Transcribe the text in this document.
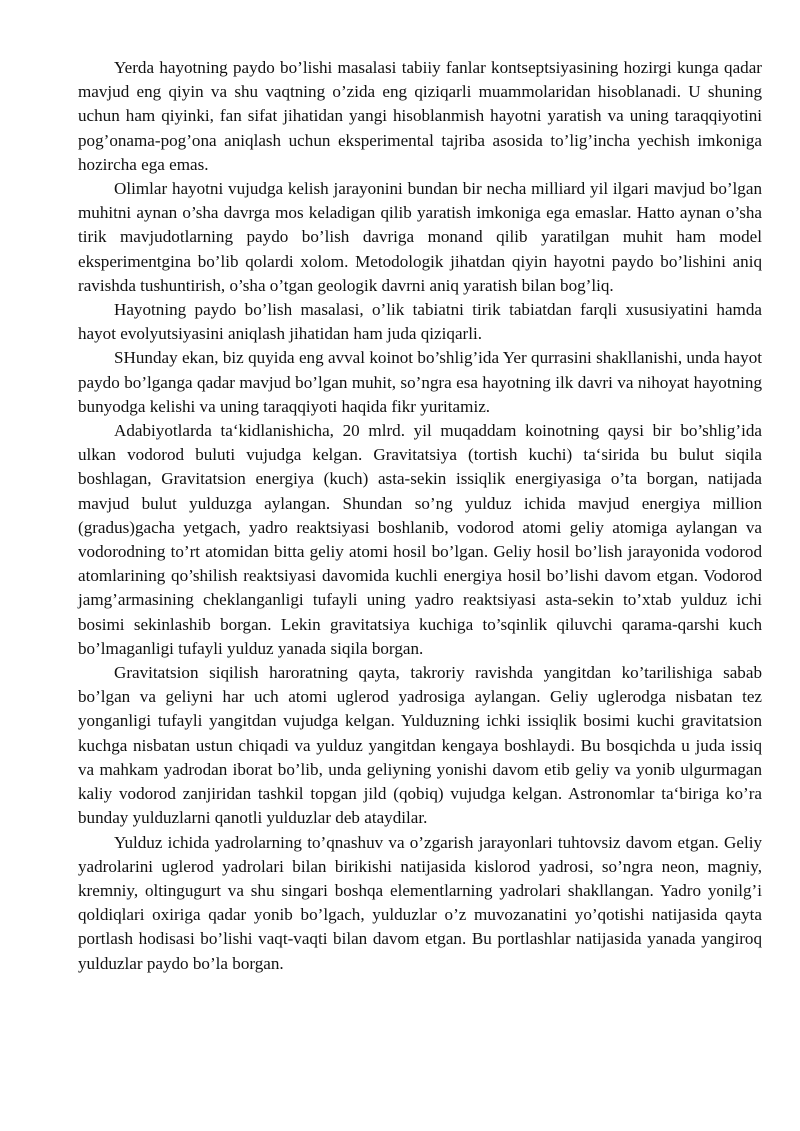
Yerda hayotning paydo bo’lishi masalasi tabiiy fanlar kontseptsiyasining hozirgi kunga qadar mavjud eng qiyin va shu vaqtning o’zida eng qiziqarli muammolaridan hisoblanadi. U shuning uchun ham qiyinki, fan sifat jihatidan yangi hisoblanmish hayotni yaratish va uning taraqqiyotini pog’onama-pog’ona aniqlash uchun eksperimental tajriba asosida to’lig’incha yechish imkoniga hozircha ega emas.

Olimlar hayotni vujudga kelish jarayonini bundan bir necha milliard yil ilgari mavjud bo’lgan muhitni aynan o’sha davrga mos keladigan qilib yaratish imkoniga ega emaslar. Hatto aynan o’sha tirik mavjudotlarning paydo bo’lish davriga monand qilib yaratilgan muhit ham model eksperimentgina bo’lib qolardi xolom. Metodologik jihatdan qiyin hayotni paydo bo’lishini aniq ravishda tushuntirish, o’sha o’tgan geologik davrni aniq yaratish bilan bog’liq.

Hayotning paydo bo’lish masalasi, o’lik tabiatni tirik tabiatdan farqli xususiyatini hamda hayot evolyutsiyasini aniqlash jihatidan ham juda qiziqarli.

SHunday ekan, biz quyida eng avval koinot bo’shlig’ida Yer qurrasini shakllanishi, unda hayot paydo bo’lganga qadar mavjud bo’lgan muhit, so’ngra esa hayotning ilk davri va nihoyat hayotning bunyodga kelishi va uning taraqqiyoti haqida fikr yuritamiz.

Adabiyotlarda ta‘kidlanishicha, 20 mlrd. yil muqaddam koinotning qaysi bir bo’shlig’ida ulkan vodorod buluti vujudga kelgan. Gravitatsiya (tortish kuchi) ta‘sirida bu bulut siqila boshlagan, Gravitatsion energiya (kuch) asta-sekin issiqlik energiyasiga o’ta borgan, natijada mavjud bulut yulduzga aylangan. Shundan so’ng yulduz ichida mavjud energiya million (gradus)gacha yetgach, yadro reaktsiyasi boshlanib, vodorod atomi geliy atomiga aylangan va vodorodning to’rt atomidan bitta geliy atomi hosil bo’lgan. Geliy hosil bo’lish jarayonida vodorod atomlarining qo’shilish reaktsiyasi davomida kuchli energiya hosil bo’lishi davom etgan. Vodorod jamg’armasining cheklanganligi tufayli uning yadro reaktsiyasi asta-sekin to’xtab yulduz ichi bosimi sekinlashib borgan. Lekin gravitatsiya kuchiga to’sqinlik qiluvchi qarama-qarshi kuch bo’lmaganligi tufayli yulduz yanada siqila borgan.

Gravitatsion siqilish haroratning qayta, takroriy ravishda yangitdan ko’tarilishiga sabab bo’lgan va geliyni har uch atomi uglerod yadrosiga aylangan. Geliy uglerodga nisbatan tez yonganligi tufayli yangitdan vujudga kelgan. Yulduzning ichki issiqlik bosimi kuchi gravitatsion kuchga nisbatan ustun chiqadi va yulduz yangitdan kengaya boshlaydi. Bu bosqichda u juda issiq va mahkam yadrodan iborat bo’lib, unda geliyning yonishi davom etib geliy va yonib ulgurmagan kaliy vodorod zanjiridan tashkil topgan jild (qobiq) vujudga kelgan. Astronomlar ta‘biriga ko’ra bunday yulduzlarni qanotli yulduzlar deb ataydilar.

Yulduz ichida yadrolarning to’qnashuv va o’zgarish jarayonlari tuhtovsiz davom etgan. Geliy yadrolarini uglerod yadrolari bilan birikishi natijasida kislorod yadrosi, so’ngra neon, magniy, kremniy, oltingugurt va shu singari boshqa elementlarning yadrolari shakllangan. Yadro yonilg’i qoldiqlari oxiriga qadar yonib bo’lgach, yulduzlar o’z muvozanatini yo’qotishi natijasida qayta portlash hodisasi bo’lishi vaqt-vaqti bilan davom etgan. Bu portlashlar natijasida yanada yangiroq yulduzlar paydo bo’la borgan.
